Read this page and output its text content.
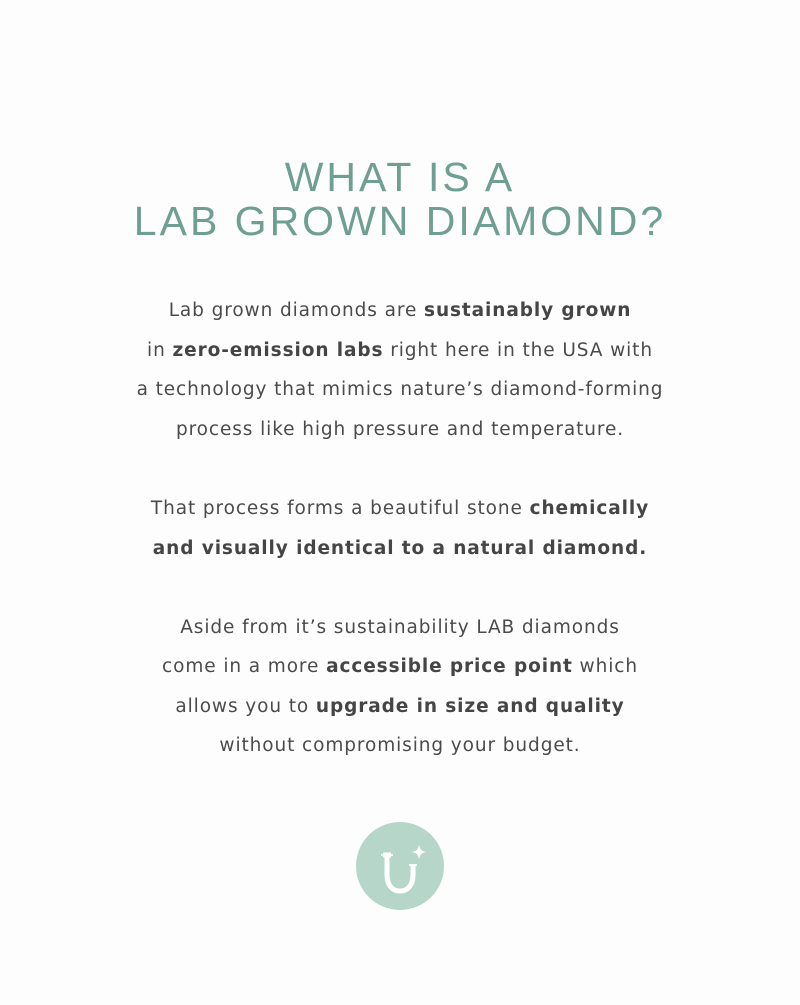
WHAT IS A
LAB GROWN DIAMOND?

Lab grown diamonds are sustainably grown

in zero-emission labs right here in the USA with

a technology that mimics nature’s diamond-forming

process like high pressure and temperature.

That process forms a beautiful stone chemically

and visually identical to a natural diamond.

Aside from it’s sustainability LAB diamonds

come in a more accessible price point which

allows you to upgrade in size and quality

without compromising your budget.
